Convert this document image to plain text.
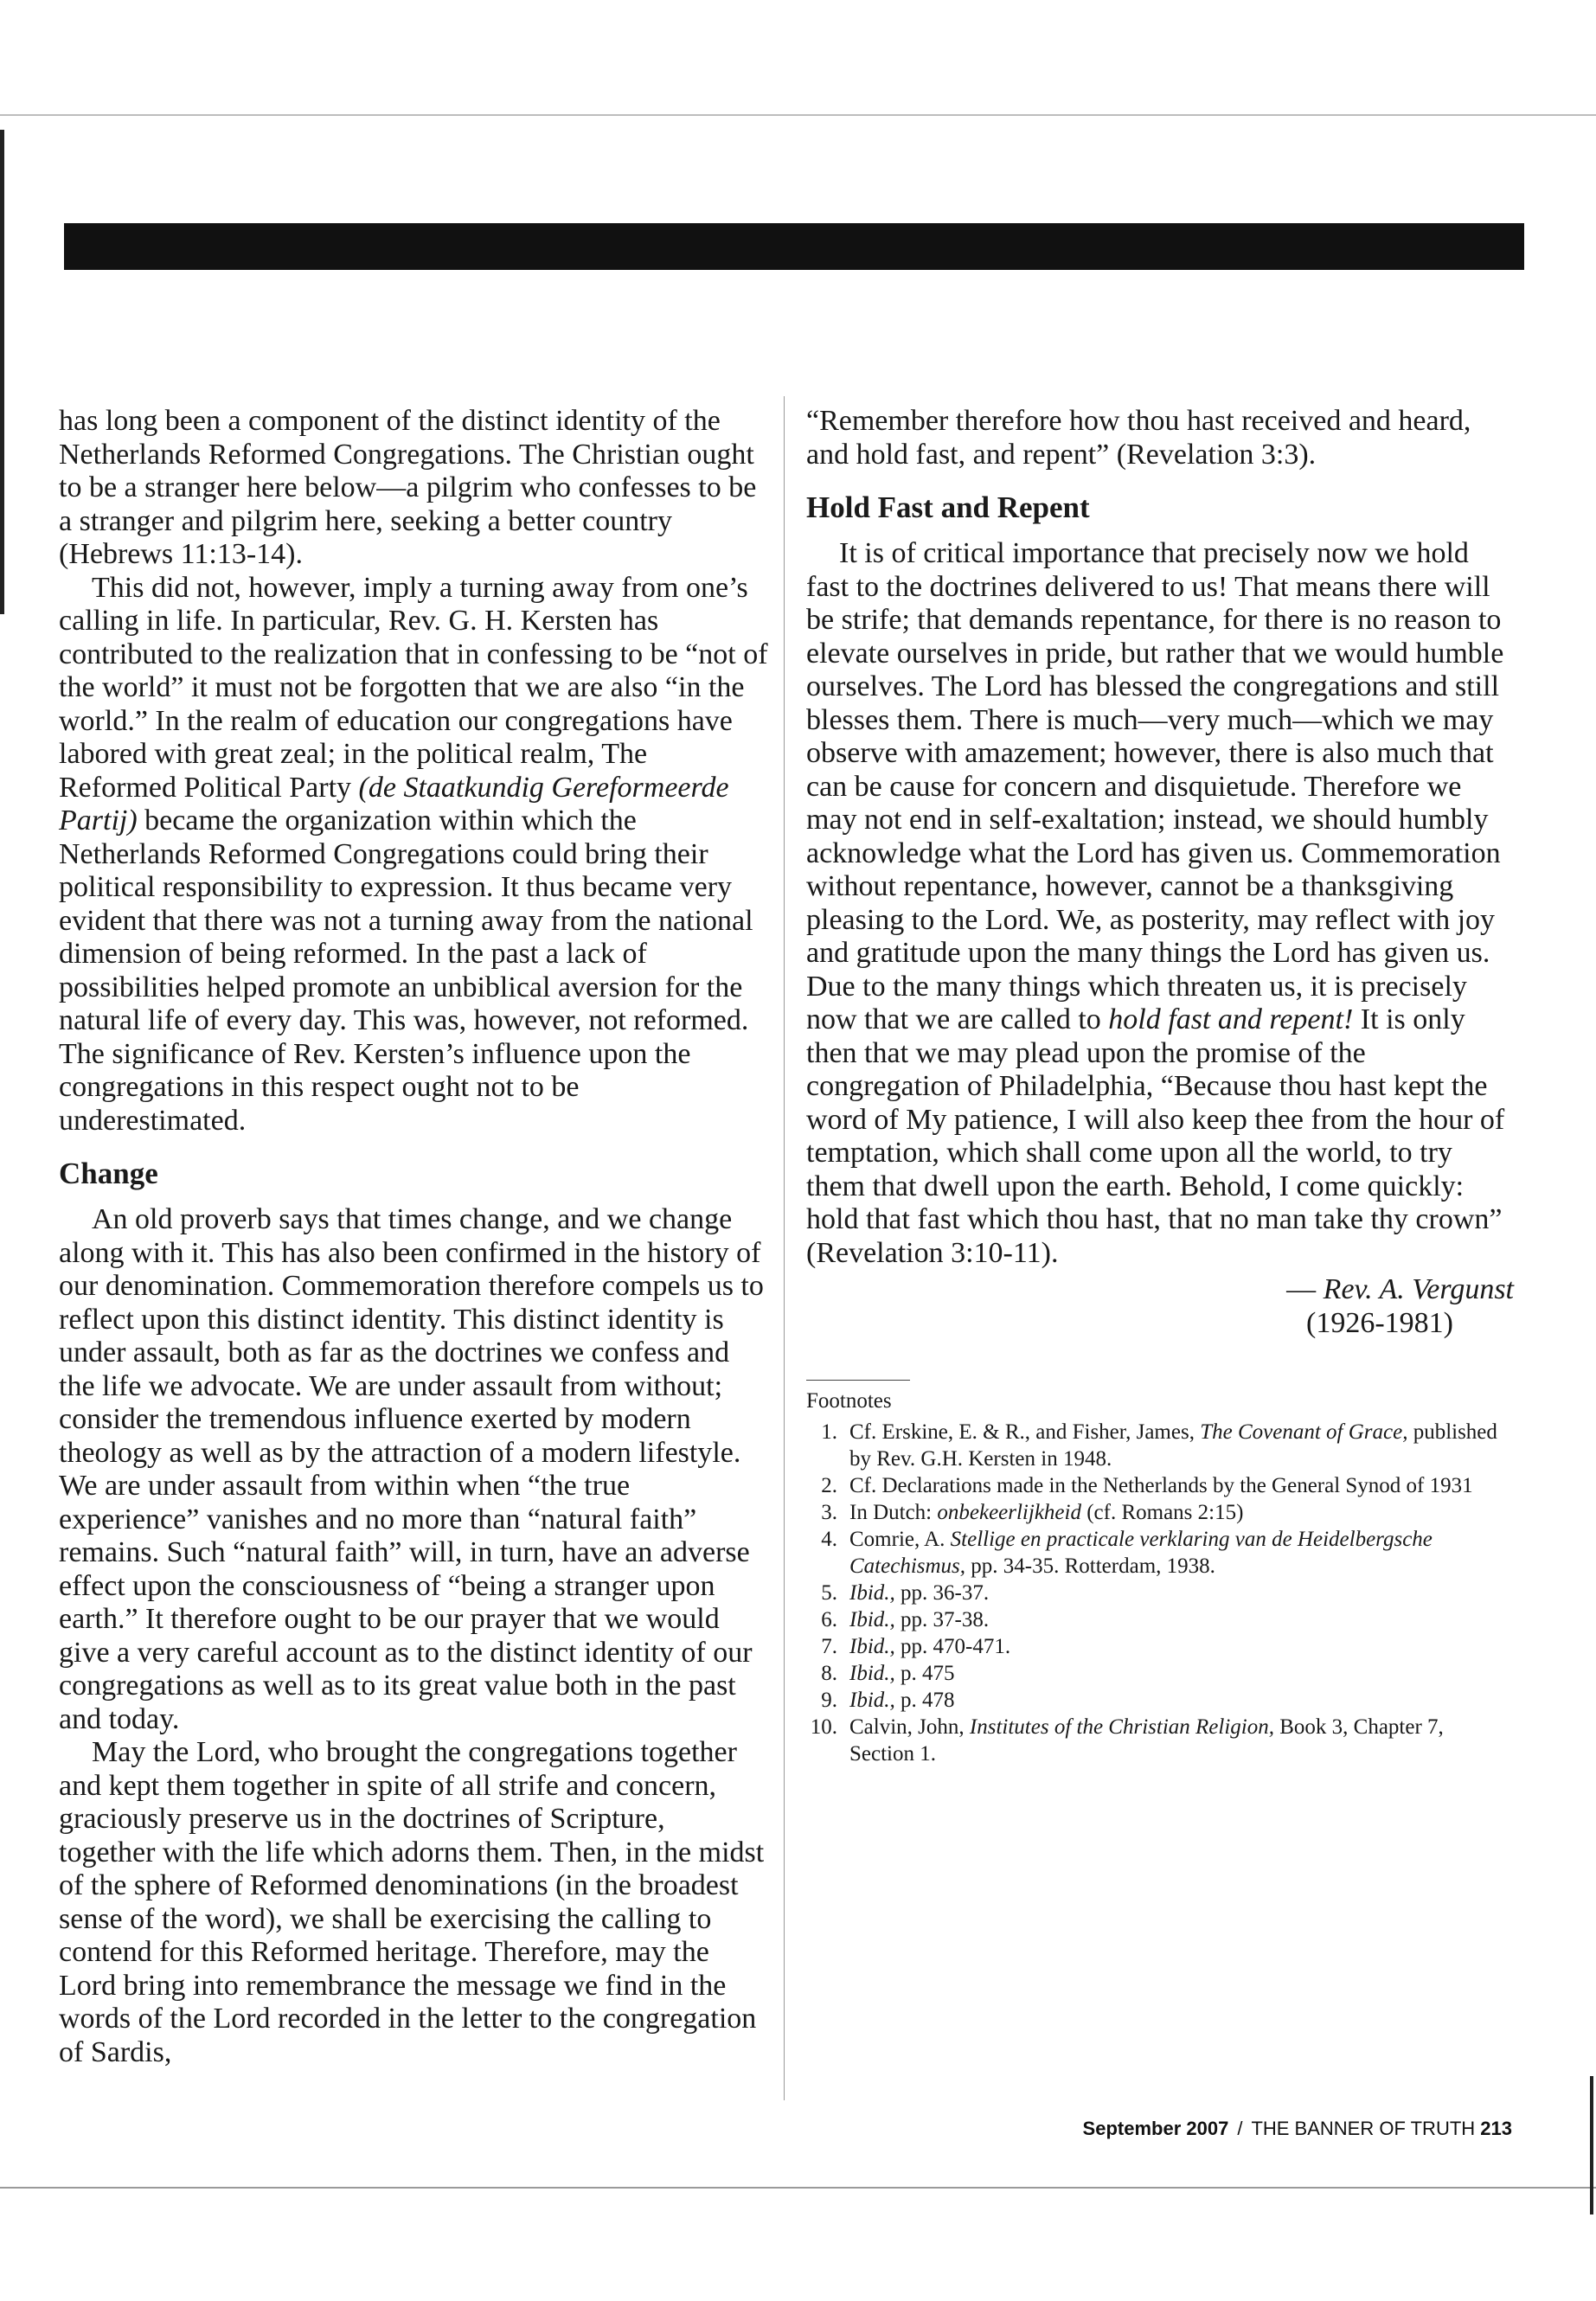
has long been a component of the distinct identity of the Netherlands Reformed Congregations. The Christian ought to be a stranger here below—a pilgrim who confesses to be a stranger and pilgrim here, seeking a better country (Hebrews 11:13-14).

This did not, however, imply a turning away from one’s calling in life. In particular, Rev. G. H. Kersten has contributed to the realization that in confessing to be “not of the world” it must not be forgotten that we are also “in the world.” In the realm of education our congregations have labored with great zeal; in the political realm, The Reformed Political Party (de Staatkundig Gereformeerde Partij) became the organization within which the Netherlands Reformed Congregations could bring their political responsibility to expression. It thus became very evident that there was not a turning away from the national dimension of being reformed. In the past a lack of possibilities helped promote an unbiblical aversion for the natural life of every day. This was, however, not reformed. The significance of Rev. Kersten’s influence upon the congregations in this respect ought not to be underestimated.

Change

An old proverb says that times change, and we change along with it. This has also been confirmed in the history of our denomination. Commemoration therefore compels us to reflect upon this distinct identity. This distinct identity is under assault, both as far as the doctrines we confess and the life we advocate. We are under assault from without; consider the tremendous influence exerted by modern theology as well as by the attraction of a modern lifestyle. We are under assault from within when “the true experience” vanishes and no more than “natural faith” remains. Such “natural faith” will, in turn, have an adverse effect upon the consciousness of “being a stranger upon earth.” It therefore ought to be our prayer that we would give a very careful account as to the distinct identity of our congregations as well as to its great value both in the past and today.

May the Lord, who brought the congregations together and kept them together in spite of all strife and concern, graciously preserve us in the doctrines of Scripture, together with the life which adorns them. Then, in the midst of the sphere of Reformed denominations (in the broadest sense of the word), we shall be exercising the calling to contend for this Reformed heritage. Therefore, may the Lord bring into remembrance the message we find in the words of the Lord recorded in the letter to the congregation of Sardis,

“Remember therefore how thou hast received and heard, and hold fast, and repent” (Revelation 3:3).

Hold Fast and Repent

It is of critical importance that precisely now we hold fast to the doctrines delivered to us! That means there will be strife; that demands repentance, for there is no reason to elevate ourselves in pride, but rather that we would humble ourselves. The Lord has blessed the congregations and still blesses them. There is much—very much—which we may observe with amazement; however, there is also much that can be cause for concern and disquietude. Therefore we may not end in self-exaltation; instead, we should humbly acknowledge what the Lord has given us. Commemoration without repentance, however, cannot be a thanksgiving pleasing to the Lord. We, as posterity, may reflect with joy and gratitude upon the many things the Lord has given us. Due to the many things which threaten us, it is precisely now that we are called to hold fast and repent! It is only then that we may plead upon the promise of the congregation of Philadelphia, “Because thou hast kept the word of My patience, I will also keep thee from the hour of temptation, which shall come upon all the world, to try them that dwell upon the earth. Behold, I come quickly: hold that fast which thou hast, that no man take thy crown” (Revelation 3:10-11).

— Rev. A. Vergunst

(1926-1981)

Footnotes
1. Cf. Erskine, E. & R., and Fisher, James, The Covenant of Grace, published by Rev. G.H. Kersten in 1948.
2. Cf. Declarations made in the Netherlands by the General Synod of 1931
3. In Dutch: onbekeerlijkheid (cf. Romans 2:15)
4. Comrie, A. Stellige en practicale verklaring van de Heidelbergsche Catechismus, pp. 34-35. Rotterdam, 1938.
5. Ibid., pp. 36-37.
6. Ibid., pp. 37-38.
7. Ibid., pp. 470-471.
8. Ibid., p. 475
9. Ibid., p. 478
10. Calvin, John, Institutes of the Christian Religion, Book 3, Chapter 7, Section 1.
September 2007 / THE BANNER OF TRUTH 213
